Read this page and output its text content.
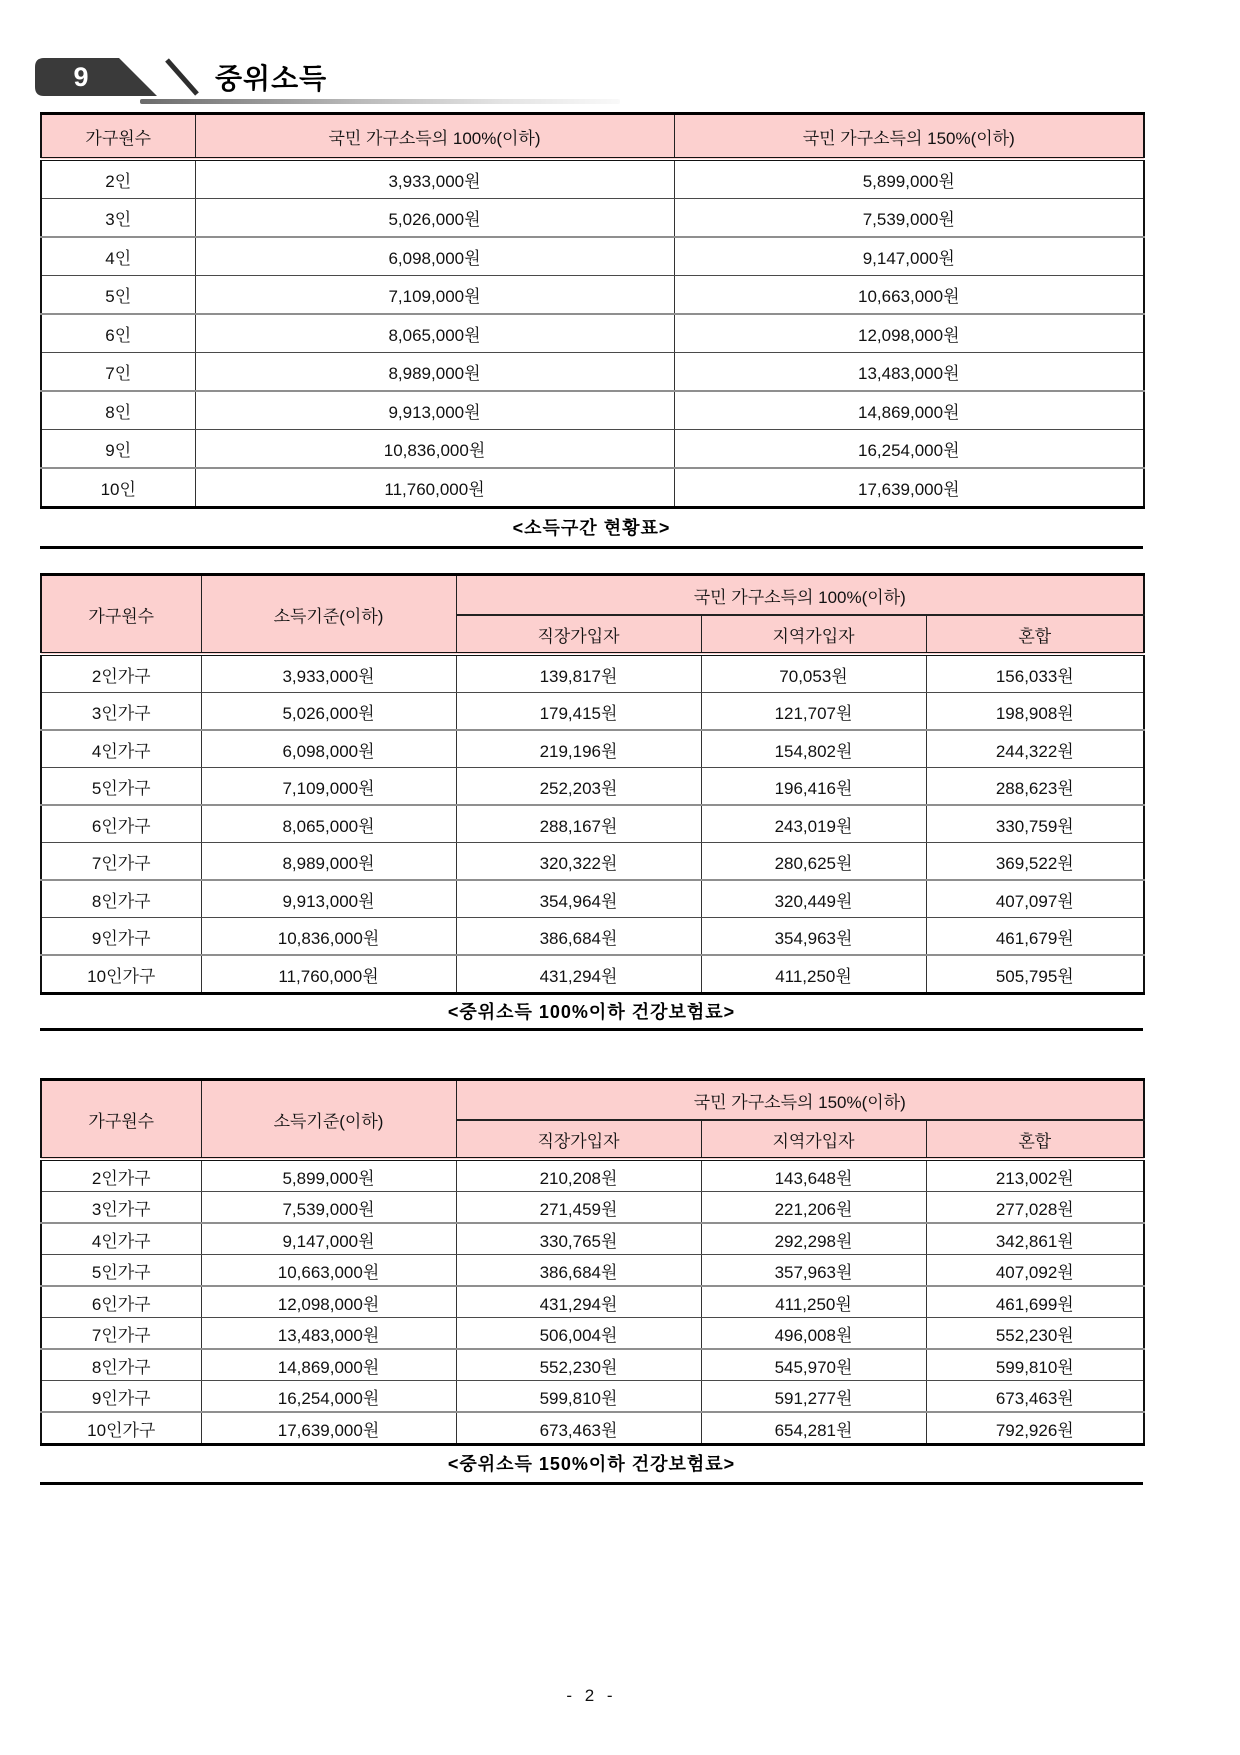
9	중위소득
가구원수	국민 가구소득의 100%(이하)	국민 가구소득의 150%(이하)
2인	3,933,000원	5,899,000원
3인	5,026,000원	7,539,000원
4인	6,098,000원	9,147,000원
5인	7,109,000원	10,663,000원
6인	8,065,000원	12,098,000원
7인	8,989,000원	13,483,000원
8인	9,913,000원	14,869,000원
9인	10,836,000원	16,254,000원
10인	11,760,000원	17,639,000원
<소득구간 현황표>
가구원수	소득기준(이하)	국민 가구소득의 100%(이하)		
		직장가입자	지역가입자	혼합
2인가구	3,933,000원	139,817원	70,053원	156,033원
3인가구	5,026,000원	179,415원	121,707원	198,908원
4인가구	6,098,000원	219,196원	154,802원	244,322원
5인가구	7,109,000원	252,203원	196,416원	288,623원
6인가구	8,065,000원	288,167원	243,019원	330,759원
7인가구	8,989,000원	320,322원	280,625원	369,522원
8인가구	9,913,000원	354,964원	320,449원	407,097원
9인가구	10,836,000원	386,684원	354,963원	461,679원
10인가구	11,760,000원	431,294원	411,250원	505,795원
<중위소득 100%이하 건강보험료>
가구원수	소득기준(이하)	국민 가구소득의 150%(이하)		
		직장가입자	지역가입자	혼합
2인가구	5,899,000원	210,208원	143,648원	213,002원
3인가구	7,539,000원	271,459원	221,206원	277,028원
4인가구	9,147,000원	330,765원	292,298원	342,861원
5인가구	10,663,000원	386,684원	357,963원	407,092원
6인가구	12,098,000원	431,294원	411,250원	461,699원
7인가구	13,483,000원	506,004원	496,008원	552,230원
8인가구	14,869,000원	552,230원	545,970원	599,810원
9인가구	16,254,000원	599,810원	591,277원	673,463원
10인가구	17,639,000원	673,463원	654,281원	792,926원
<중위소득 150%이하 건강보험료>
- 2 -
